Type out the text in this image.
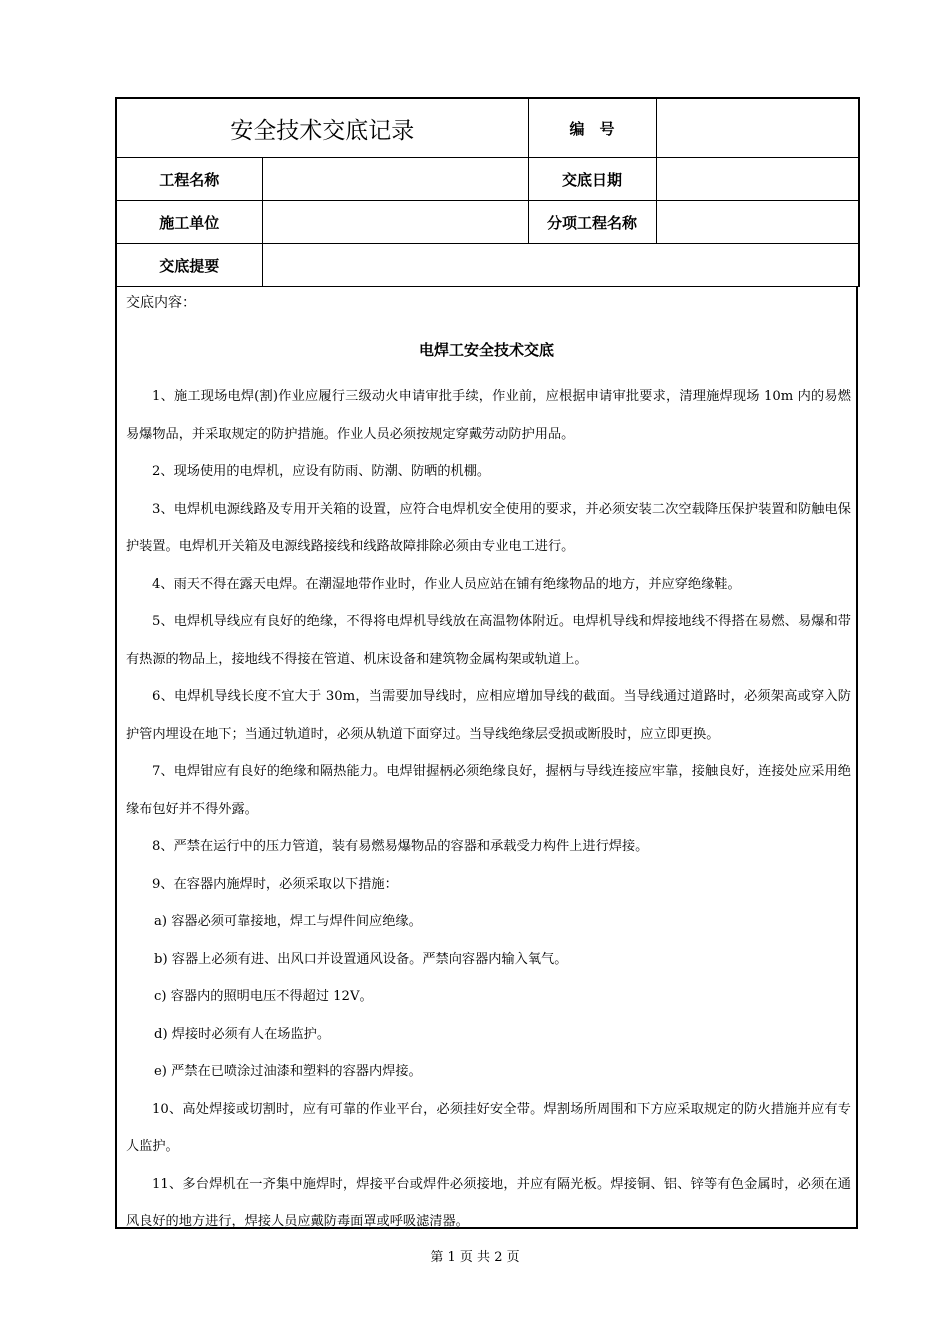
安全技术交底记录		编　号	
工程名称		交底日期	
施工单位		分项工程名称	
交底提要			
交底内容：
电焊工安全技术交底

1、施工现场电焊(割)作业应履行三级动火申请审批手续，作业前，应根据申请审批要求，清理施焊现场 10m 内的易燃易爆物品，并采取规定的防护措施。作业人员必须按规定穿戴劳动防护用品。

2、现场使用的电焊机，应设有防雨、防潮、防晒的机棚。

3、电焊机电源线路及专用开关箱的设置，应符合电焊机安全使用的要求，并必须安装二次空载降压保护装置和防触电保护装置。电焊机开关箱及电源线路接线和线路故障排除必须由专业电工进行。

4、雨天不得在露天电焊。在潮湿地带作业时，作业人员应站在铺有绝缘物品的地方，并应穿绝缘鞋。

5、电焊机导线应有良好的绝缘，不得将电焊机导线放在高温物体附近。电焊机导线和焊接地线不得搭在易燃、易爆和带有热源的物品上，接地线不得接在管道、机床设备和建筑物金属构架或轨道上。

6、电焊机导线长度不宜大于 30m，当需要加导线时，应相应增加导线的截面。当导线通过道路时，必须架高或穿入防护管内埋设在地下；当通过轨道时，必须从轨道下面穿过。当导线绝缘层受损或断股时，应立即更换。

7、电焊钳应有良好的绝缘和隔热能力。电焊钳握柄必须绝缘良好，握柄与导线连接应牢靠，接触良好，连接处应采用绝缘布包好并不得外露。

8、严禁在运行中的压力管道，装有易燃易爆物品的容器和承载受力构件上进行焊接。

9、在容器内施焊时，必须采取以下措施：

a) 容器必须可靠接地，焊工与焊件间应绝缘。

b) 容器上必须有进、出风口并设置通风设备。严禁向容器内输入氧气。

c) 容器内的照明电压不得超过 12V。

d) 焊接时必须有人在场监护。

e) 严禁在已喷涂过油漆和塑料的容器内焊接。

10、高处焊接或切割时，应有可靠的作业平台，必须挂好安全带。焊割场所周围和下方应采取规定的防火措施并应有专人监护。

11、多台焊机在一齐集中施焊时，焊接平台或焊件必须接地，并应有隔光板。焊接铜、铝、锌等有色金属时，必须在通风良好的地方进行，焊接人员应戴防毒面罩或呼吸滤清器。

第 1 页 共 2 页
